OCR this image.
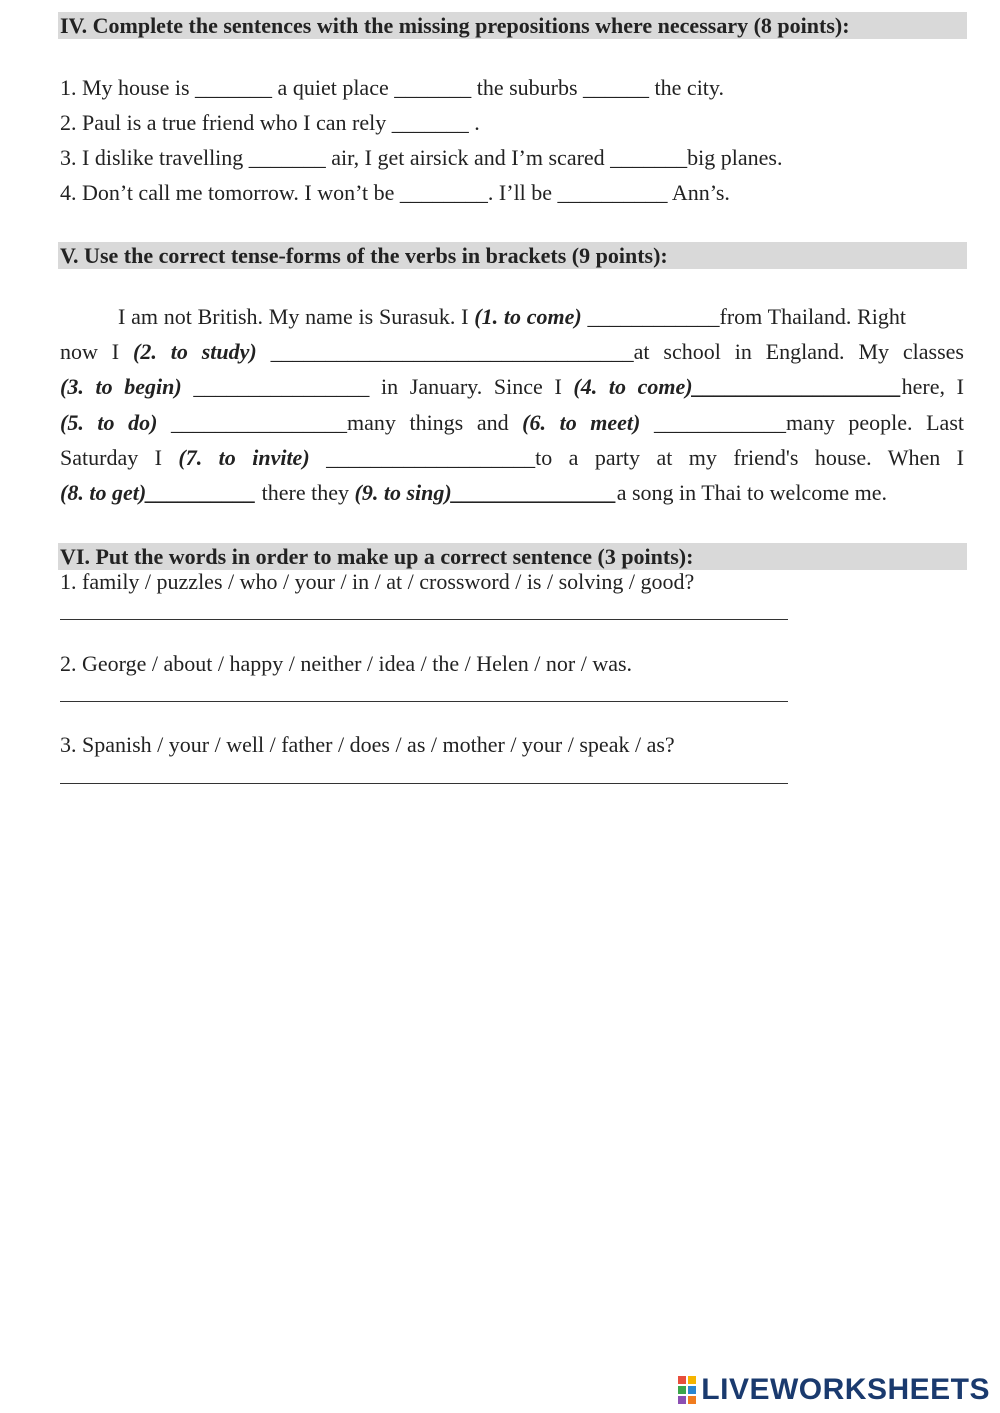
IV. Complete the sentences with the missing prepositions where necessary (8 points):
1. My house is _______ a quiet place _______ the suburbs ______ the city.
2. Paul is a true friend who I can rely _______ .
3. I dislike travelling _______ air, I get airsick and I’m scared _______big planes.
4. Don’t call me tomorrow. I won’t be ________. I’ll be __________ Ann’s.
V. Use the correct tense-forms of the verbs in brackets (9 points):
I am not British. My name is Surasuk. I (1. to come) ____________from Thailand. Right
now I (2. to study) _________________________________at school in England. My classes
(3. to begin) ________________ in January. Since I (4. to come)___________________here, I
(5. to do) ________________many things and (6. to meet) ____________many people. Last
Saturday I (7. to invite) ___________________to a party at my friend's house. When I
(8. to get)__________ there they (9. to sing)_______________a song in Thai to welcome me.
VI. Put the words in order to make up a correct sentence (3 points):
1. family / puzzles / who / your / in / at / crossword / is / solving / good?
2. George / about / happy / neither / idea / the / Helen / nor / was.
3. Spanish / your / well / father / does / as / mother / your / speak / as?
LIVEWORKSHEETS
